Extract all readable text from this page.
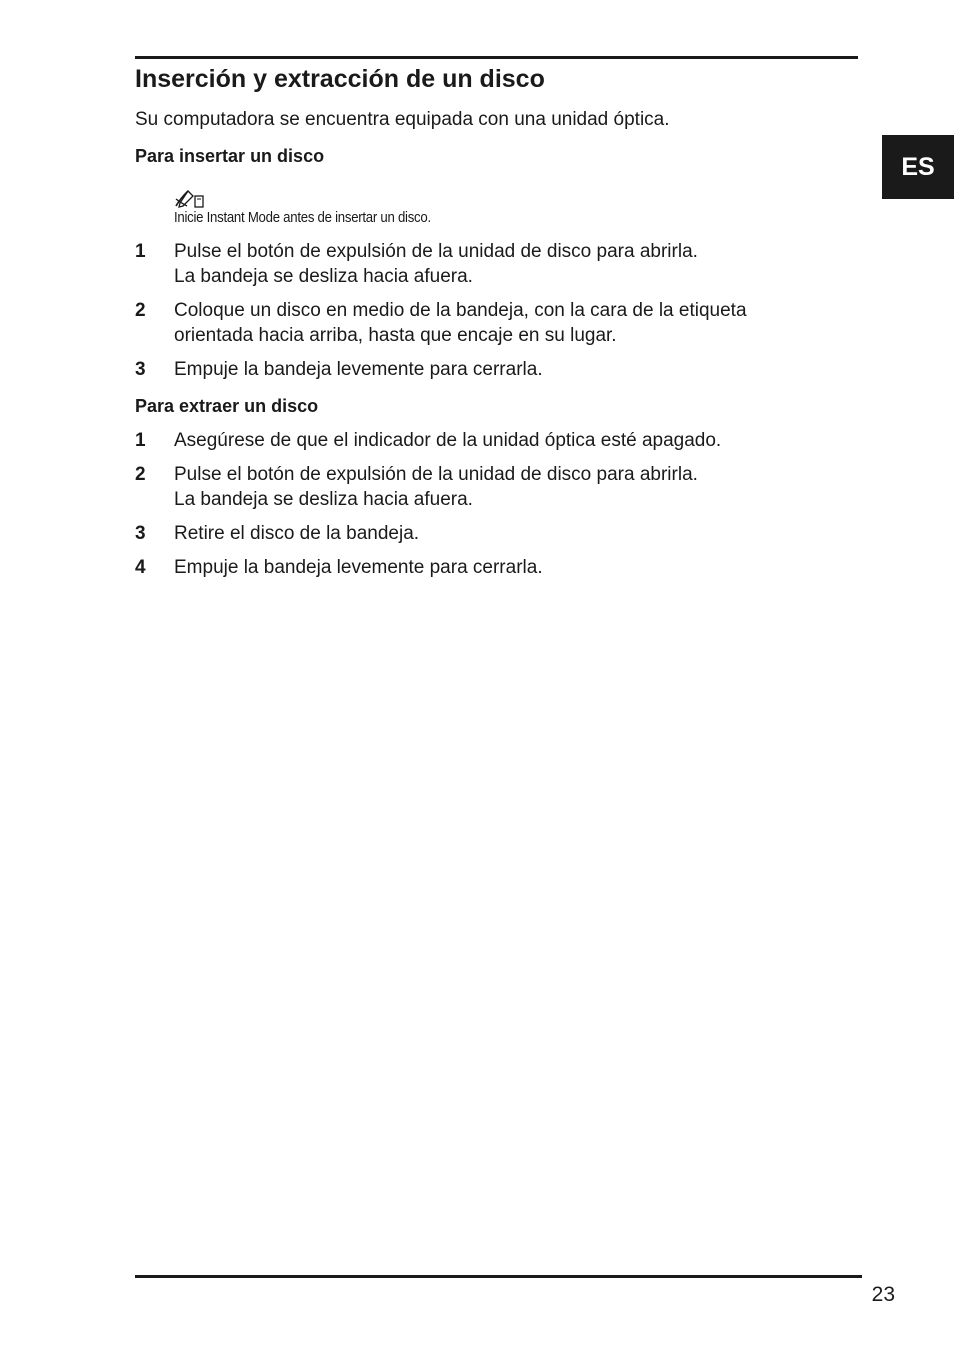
Inserción y extracción de un disco
ES

Su computadora se encuentra equipada con una unidad óptica.

Para insertar un disco
Inicie Instant Mode antes de insertar un disco.
1 Pulse el botón de expulsión de la unidad de disco para abrirla.
La bandeja se desliza hacia afuera.
2 Coloque un disco en medio de la bandeja, con la cara de la etiqueta
orientada hacia arriba, hasta que encaje en su lugar.
3 Empuje la bandeja levemente para cerrarla.
Para extraer un disco
1 Asegúrese de que el indicador de la unidad óptica esté apagado.
2 Pulse el botón de expulsión de la unidad de disco para abrirla.
La bandeja se desliza hacia afuera.
3 Retire el disco de la bandeja.
4 Empuje la bandeja levemente para cerrarla.
23
